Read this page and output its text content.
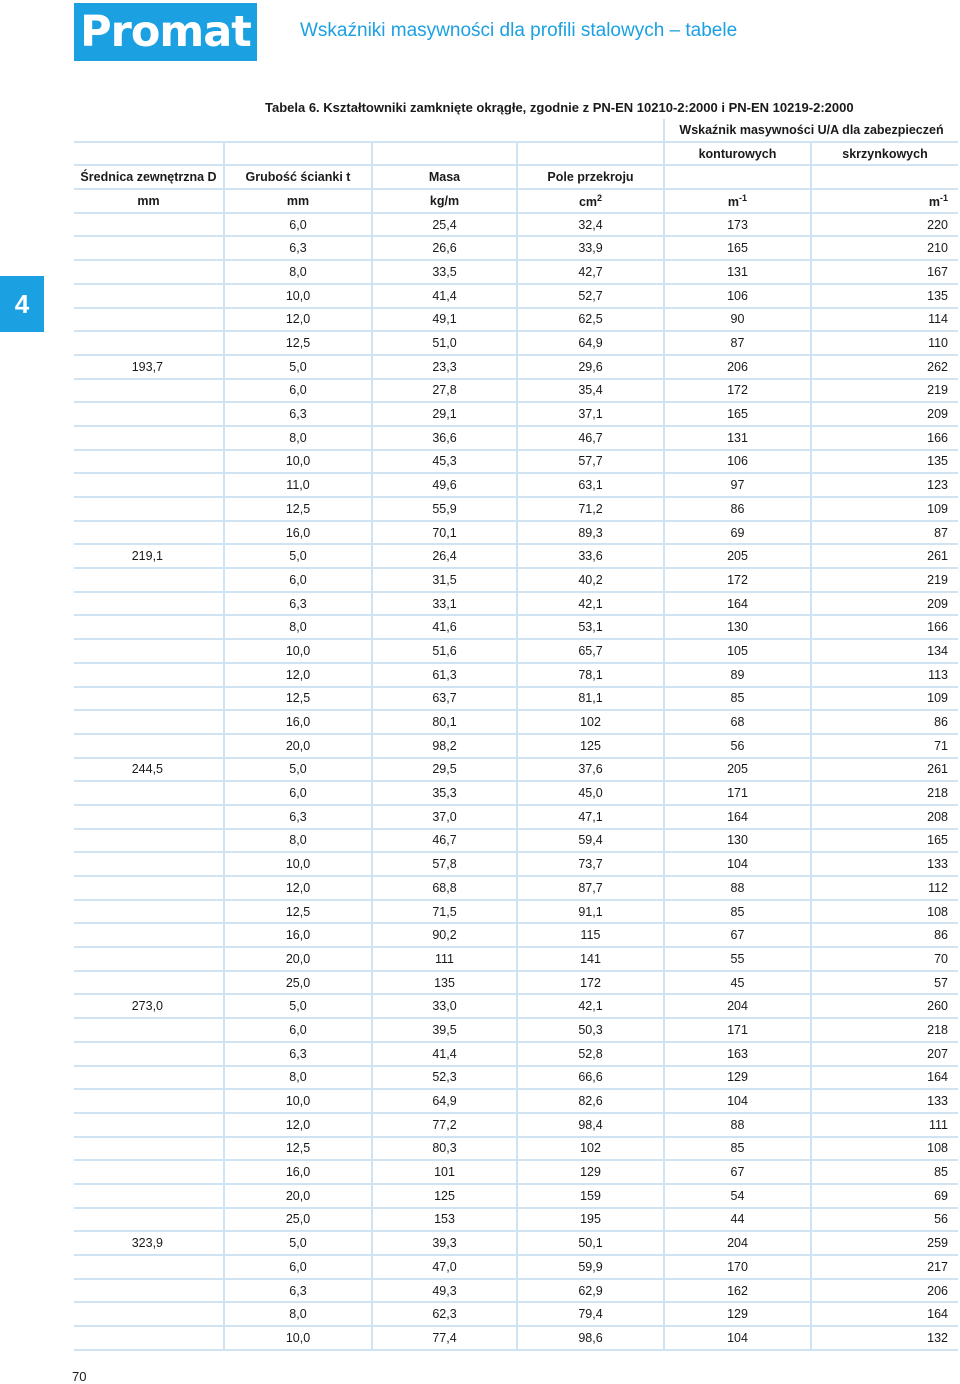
Promat	Wskaźniki masywności dla profili stalowych – tabele
4
Tabela 6. Kształtowniki zamknięte okrągłe, zgodnie z PN-EN 10210-2:2000 i PN-EN 10219-2:2000
				Wskaźnik masywności U/A dla zabezpieczeń	
				konturowych	skrzynkowych
Średnica zewnętrzna D	Grubość ścianki t	Masa	Pole przekroju		
mm	mm	kg/m	$cm^2$	$m^{-1}$	$m^{-1}$
	6,0	25,4	32,4	173	220
	6,3	26,6	33,9	165	210
	8,0	33,5	42,7	131	167
	10,0	41,4	52,7	106	135
	12,0	49,1	62,5	90	114
	12,5	51,0	64,9	87	110
193,7	5,0	23,3	29,6	206	262
	6,0	27,8	35,4	172	219
	6,3	29,1	37,1	165	209
	8,0	36,6	46,7	131	166
	10,0	45,3	57,7	106	135
	11,0	49,6	63,1	97	123
	12,5	55,9	71,2	86	109
	16,0	70,1	89,3	69	87
219,1	5,0	26,4	33,6	205	261
	6,0	31,5	40,2	172	219
	6,3	33,1	42,1	164	209
	8,0	41,6	53,1	130	166
	10,0	51,6	65,7	105	134
	12,0	61,3	78,1	89	113
	12,5	63,7	81,1	85	109
	16,0	80,1	102	68	86
	20,0	98,2	125	56	71
244,5	5,0	29,5	37,6	205	261
	6,0	35,3	45,0	171	218
	6,3	37,0	47,1	164	208
	8,0	46,7	59,4	130	165
	10,0	57,8	73,7	104	133
	12,0	68,8	87,7	88	112
	12,5	71,5	91,1	85	108
	16,0	90,2	115	67	86
	20,0	111	141	55	70
	25,0	135	172	45	57
273,0	5,0	33,0	42,1	204	260
	6,0	39,5	50,3	171	218
	6,3	41,4	52,8	163	207
	8,0	52,3	66,6	129	164
	10,0	64,9	82,6	104	133
	12,0	77,2	98,4	88	111
	12,5	80,3	102	85	108
	16,0	101	129	67	85
	20,0	125	159	54	69
	25,0	153	195	44	56
323,9	5,0	39,3	50,1	204	259
	6,0	47,0	59,9	170	217
	6,3	49,3	62,9	162	206
	8,0	62,3	79,4	129	164
	10,0	77,4	98,6	104	132
70
